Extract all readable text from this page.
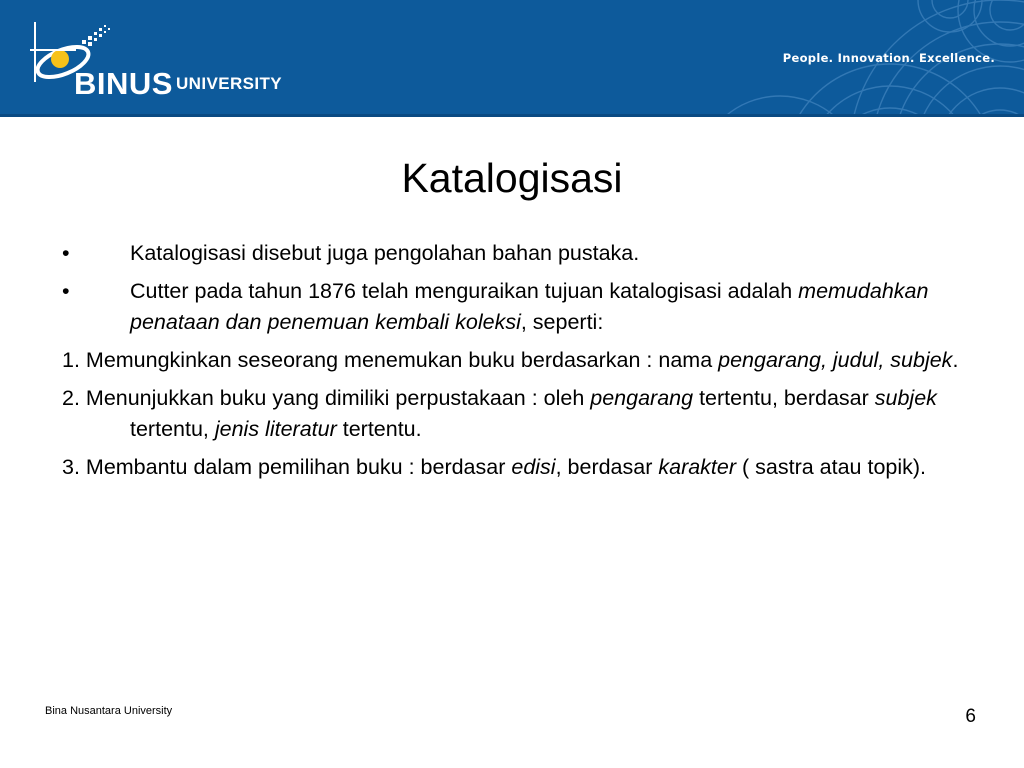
BINUS UNIVERSITY
People. Innovation. Excellence.
Katalogisasi
•	Katalogisasi disebut juga pengolahan bahan pustaka.
•	Cutter pada tahun 1876 telah menguraikan tujuan katalogisasi adalah memudahkan penataan dan penemuan kembali koleksi, seperti:
1. Memungkinkan seseorang menemukan buku berdasarkan : nama pengarang, judul, subjek.
2. Menunjukkan buku yang dimiliki perpustakaan : oleh pengarang tertentu, berdasar subjek tertentu, jenis literatur tertentu.
3. Membantu dalam pemilihan buku : berdasar edisi, berdasar karakter ( sastra atau topik).
Bina Nusantara University	6
